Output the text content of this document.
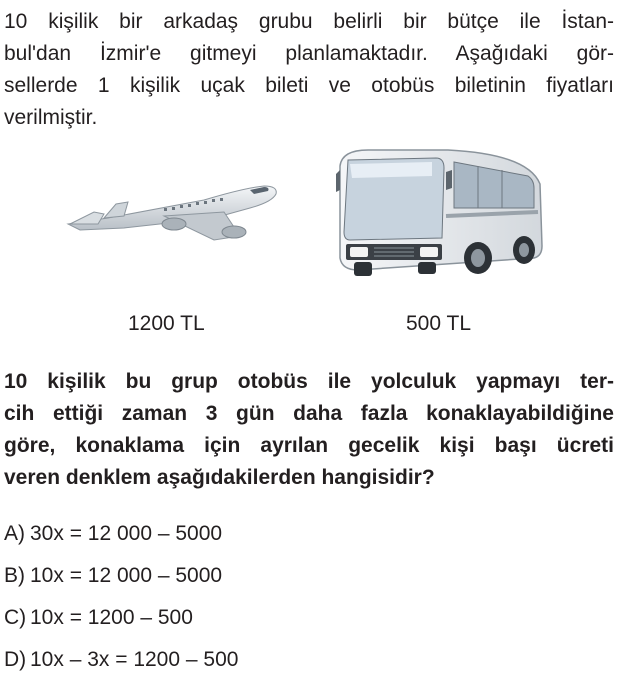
10 kişilik bir arkadaş grubu belirli bir bütçe ile İstan-
bul'dan İzmir'e gitmeyi planlamaktadır. Aşağıdaki gör-
sellerde 1 kişilik uçak bileti ve otobüs biletinin fiyatları
verilmiştir.
1200 TL	500 TL
10 kişilik bu grup otobüs ile yolculuk yapmayı ter-
cih ettiği zaman 3 gün daha fazla konaklayabildiğine
göre, konaklama için ayrılan gecelik kişi başı ücreti
veren denklem aşağıdakilerden hangisidir?
A) 30x = 12 000 – 5000
B) 10x = 12 000 – 5000
C) 10x = 1200 – 500
D) 10x – 3x = 1200 – 500
